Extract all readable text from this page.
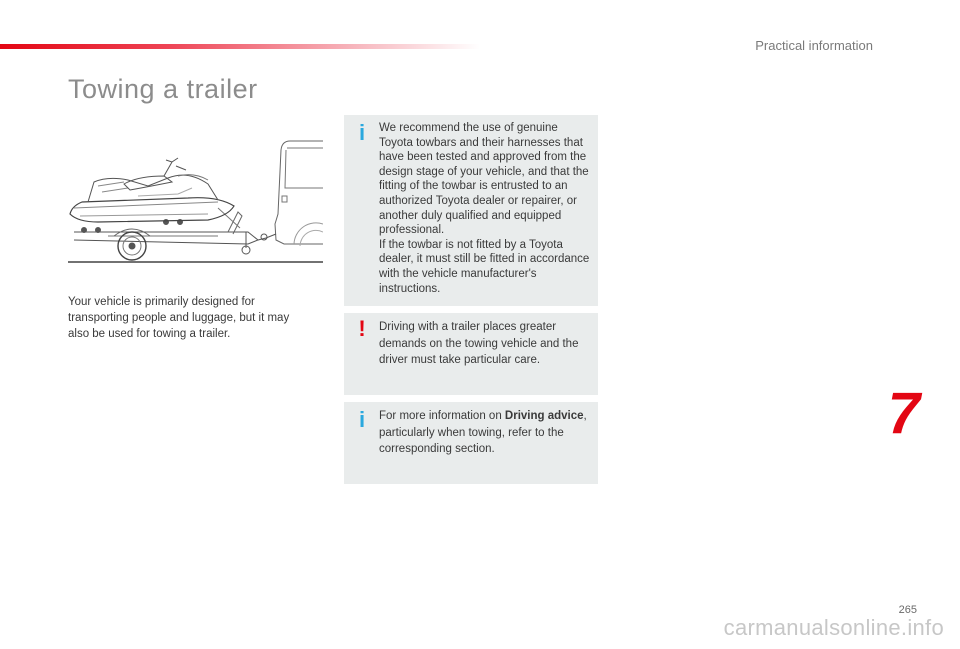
Practical information
Towing a trailer
Your vehicle is primarily designed for transporting people and luggage, but it may also be used for towing a trailer.
i	We recommend the use of genuine Toyota towbars and their harnesses that have been tested and approved from the design stage of your vehicle, and that the fitting of the towbar is entrusted to an authorized Toyota dealer or repairer, or another duly qualified and equipped professional.
If the towbar is not fitted by a Toyota dealer, it must still be fitted in accordance with the vehicle manufacturer's instructions.
!	Driving with a trailer places greater demands on the towing vehicle and the driver must take particular care.
i	For more information on Driving advice, particularly when towing, refer to the corresponding section.
7
265
carmanualsonline.info
